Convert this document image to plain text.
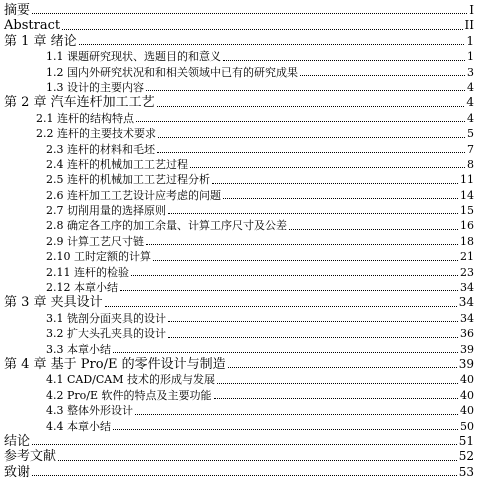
摘要	I
Abstract	II
第 1 章 绪论	1
1.1 课题研究现状、选题目的和意义	1
1.2 国内外研究状况和和相关领域中已有的研究成果	3
1.3 设计的主要内容	4
第 2 章 汽车连杆加工工艺	4
2.1 连杆的结构特点	4
2.2 连杆的主要技术要求	5
2.3 连杆的材料和毛坯	7
2.4 连杆的机械加工工艺过程	8
2.5 连杆的机械加工工艺过程分析	11
2.6 连杆加工工艺设计应考虑的问题	14
2.7 切削用量的选择原则	15
2.8 确定各工序的加工余量、计算工序尺寸及公差	16
2.9 计算工艺尺寸链	18
2.10 工时定额的计算	21
2.11 连杆的检验	23
2.12 本章小结	34
第 3 章 夹具设计	34
3.1 铣剖分面夹具的设计	34
3.2 扩大头孔夹具的设计	36
3.3 本章小结	39
第 4 章 基于 Pro/E 的零件设计与制造	39
4.1 CAD/CAM 技术的形成与发展	40
4.2 Pro/E 软件的特点及主要功能	40
4.3 整体外形设计	40
4.4 本章小结	50
结论	51
参考文献	52
致谢	53
